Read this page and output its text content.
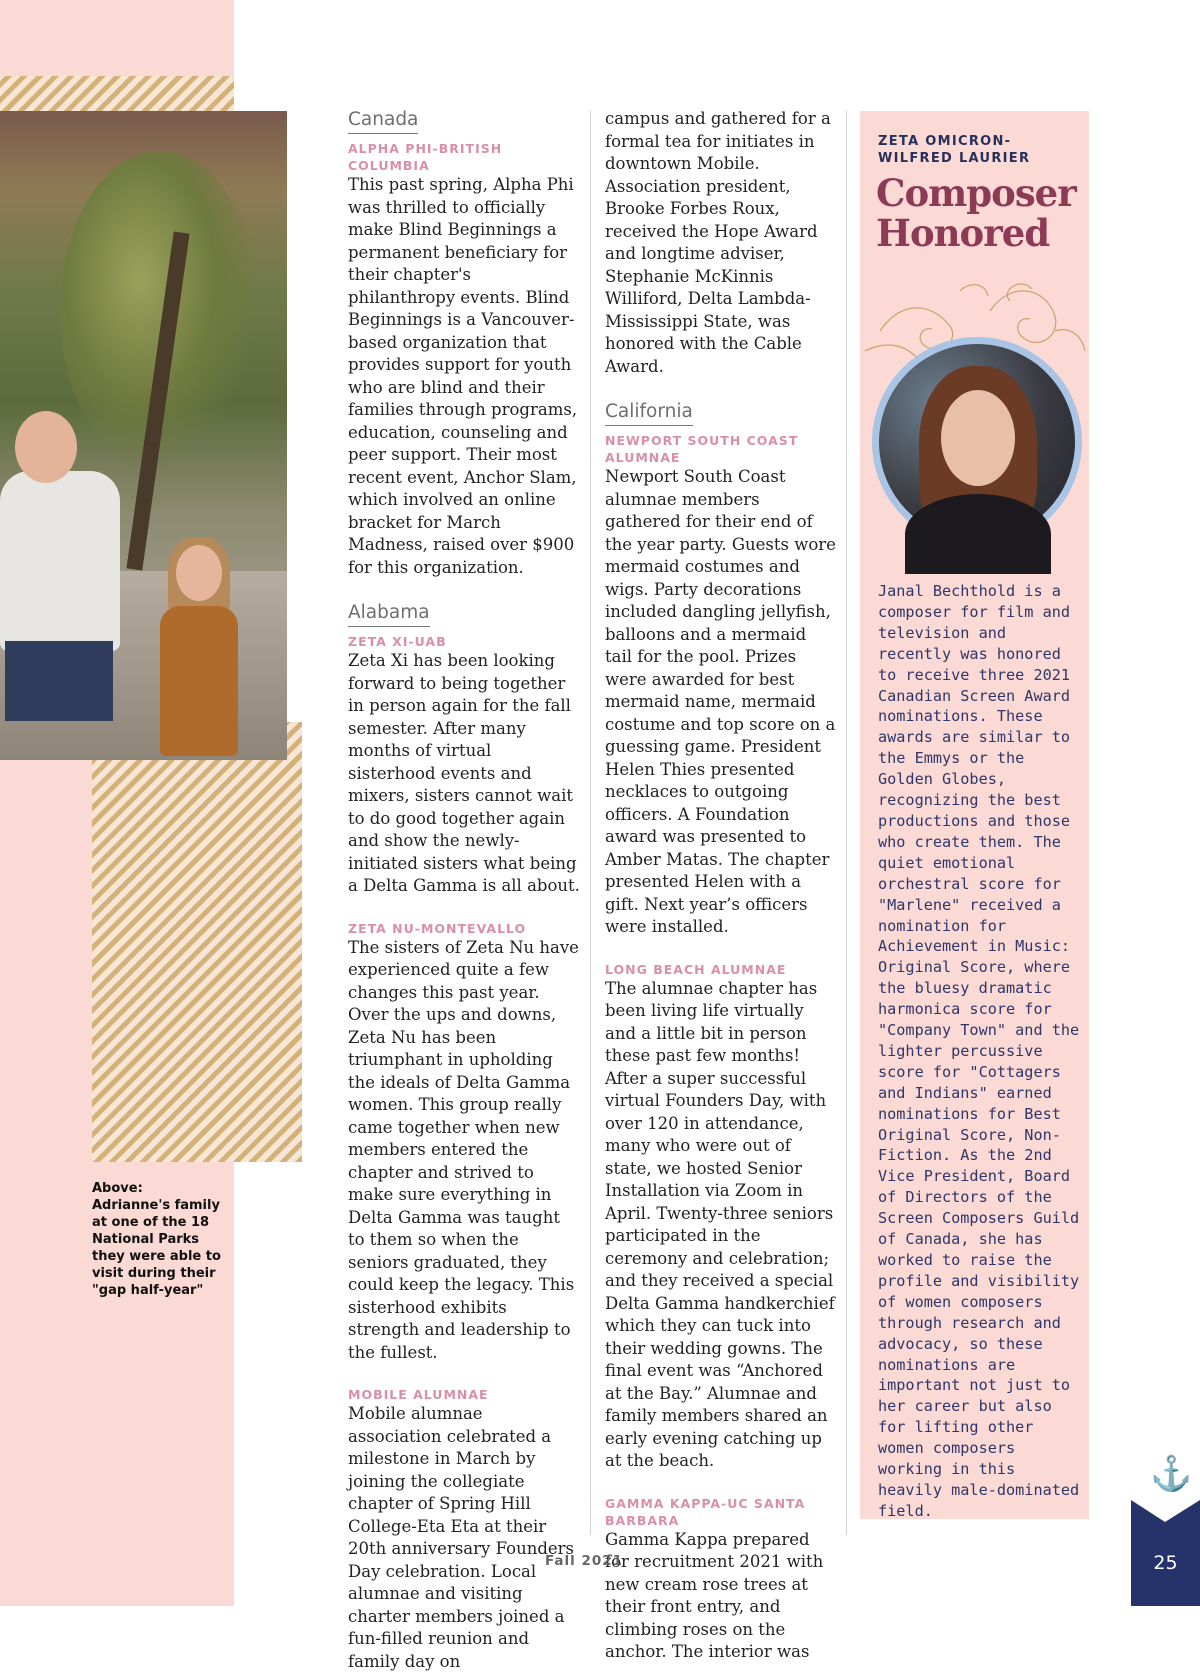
Above: Adrianne's family at one of the 18 National Parks they were able to visit during their "gap half-year"
Canada
ALPHA PHI-BRITISH COLUMBIA

This past spring, Alpha Phi was thrilled to officially make Blind Beginnings a permanent beneficiary for their chapter's philanthropy events. Blind Beginnings is a Vancouver-based organization that provides support for youth who are blind and their families through programs, education, counseling and peer support. Their most recent event, Anchor Slam, which involved an online bracket for March Madness, raised over $900 for this organization.

Alabama
ZETA XI-UAB

Zeta Xi has been looking forward to being together in person again for the fall semester. After many months of virtual sisterhood events and mixers, sisters cannot wait to do good together again and show the newly-initiated sisters what being a Delta Gamma is all about.

ZETA NU-MONTEVALLO

The sisters of Zeta Nu have experienced quite a few changes this past year. Over the ups and downs, Zeta Nu has been triumphant in upholding the ideals of Delta Gamma women. This group really came together when new members entered the chapter and strived to make sure everything in Delta Gamma was taught to them so when the seniors graduated, they could keep the legacy. This sisterhood exhibits strength and leadership to the fullest.

MOBILE ALUMNAE

Mobile alumnae association celebrated a milestone in March by joining the collegiate chapter of Spring Hill College-Eta Eta at their 20th anniversary Founders Day celebration. Local alumnae and visiting charter members joined a fun-filled reunion and family day on

campus and gathered for a formal tea for initiates in downtown Mobile. Association president, Brooke Forbes Roux, received the Hope Award and longtime adviser, Stephanie McKinnis Williford, Delta Lambda-Mississippi State, was honored with the Cable Award.

California
NEWPORT SOUTH COAST ALUMNAE

Newport South Coast alumnae members gathered for their end of the year party. Guests wore mermaid costumes and wigs. Party decorations included dangling jellyfish, balloons and a mermaid tail for the pool. Prizes were awarded for best mermaid name, mermaid costume and top score on a guessing game. President Helen Thies presented necklaces to outgoing officers. A Foundation award was presented to Amber Matas. The chapter presented Helen with a gift. Next year’s officers were installed.

LONG BEACH ALUMNAE

The alumnae chapter has been living life virtually and a little bit in person these past few months! After a super successful virtual Founders Day, with over 120 in attendance, many who were out of state, we hosted Senior Installation via Zoom in April. Twenty-three seniors participated in the ceremony and celebration; and they received a special Delta Gamma handkerchief which they can tuck into their wedding gowns. The final event was “Anchored at the Bay.” Alumnae and family members shared an early evening catching up at the beach.

GAMMA KAPPA-UC SANTA BARBARA

Gamma Kappa prepared for recruitment 2021 with new cream rose trees at their front entry, and climbing roses on the anchor. The interior was

ZETA OMICRON-WILFRED LAURIER
Composer Honored
Janal Bechthold is a composer for film and television and recently was honored to receive three 2021 Canadian Screen Award nominations. These awards are similar to the Emmys or the Golden Globes, recognizing the best productions and those who create them. The quiet emotional orchestral score for "Marlene" received a nomination for Achievement in Music: Original Score, where the bluesy dramatic harmonica score for "Company Town" and the lighter percussive score for "Cottagers and Indians" earned nominations for Best Original Score, Non-Fiction. As the 2nd Vice President, Board of Directors of the Screen Composers Guild of Canada, she has worked to raise the profile and visibility of women composers through research and advocacy, so these nominations are important not just to her career but also for lifting other women composers working in this heavily male-dominated field.
Fall 2021
⚓
25
